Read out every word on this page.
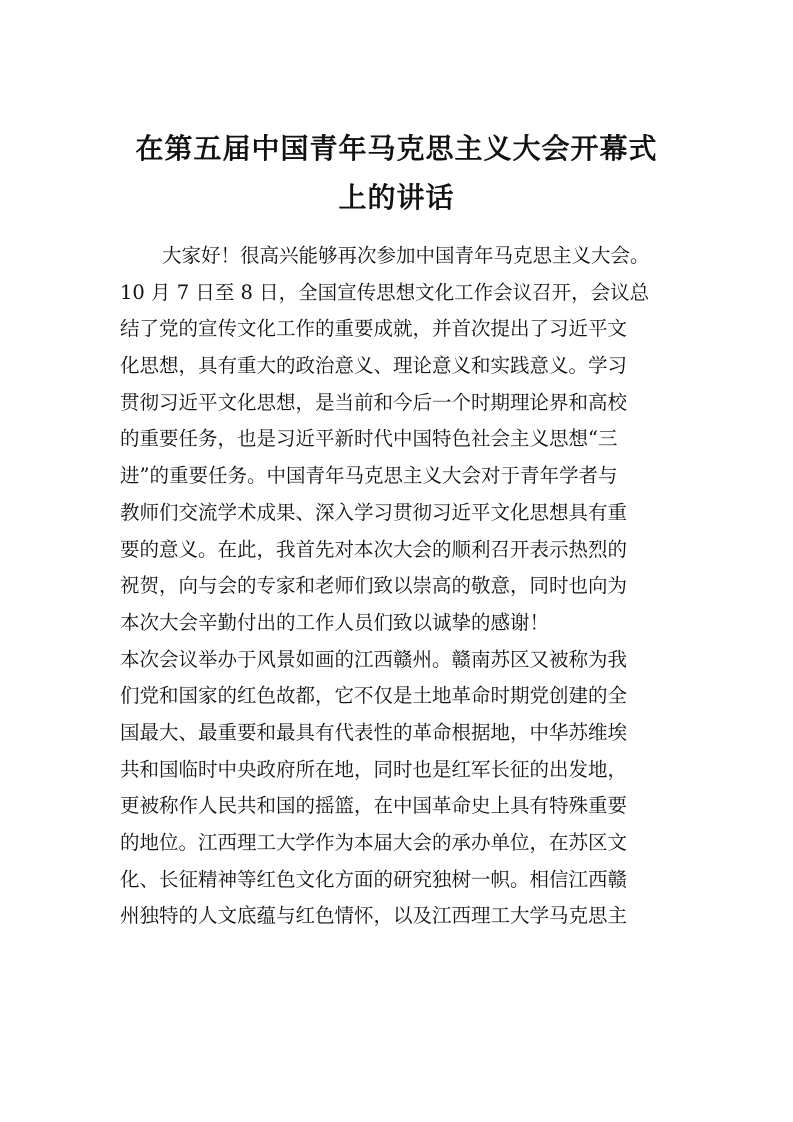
在第五届中国青年马克思主义大会开幕式
上的讲话
大家好！很高兴能够再次参加中国青年马克思主义大会。
10 月 7 日至 8 日，全国宣传思想文化工作会议召开，会议总
结了党的宣传文化工作的重要成就，并首次提出了习近平文
化思想，具有重大的政治意义、理论意义和实践意义。学习
贯彻习近平文化思想，是当前和今后一个时期理论界和高校
的重要任务，也是习近平新时代中国特色社会主义思想“三
进”的重要任务。中国青年马克思主义大会对于青年学者与
教师们交流学术成果、深入学习贯彻习近平文化思想具有重
要的意义。在此，我首先对本次大会的顺利召开表示热烈的
祝贺，向与会的专家和老师们致以崇高的敬意，同时也向为
本次大会辛勤付出的工作人员们致以诚挚的感谢！
本次会议举办于风景如画的江西赣州。赣南苏区又被称为我
们党和国家的红色故都，它不仅是土地革命时期党创建的全
国最大、最重要和最具有代表性的革命根据地，中华苏维埃
共和国临时中央政府所在地，同时也是红军长征的出发地，
更被称作人民共和国的摇篮，在中国革命史上具有特殊重要
的地位。江西理工大学作为本届大会的承办单位，在苏区文
化、长征精神等红色文化方面的研究独树一帜。相信江西赣
州独特的人文底蕴与红色情怀，以及江西理工大学马克思主
